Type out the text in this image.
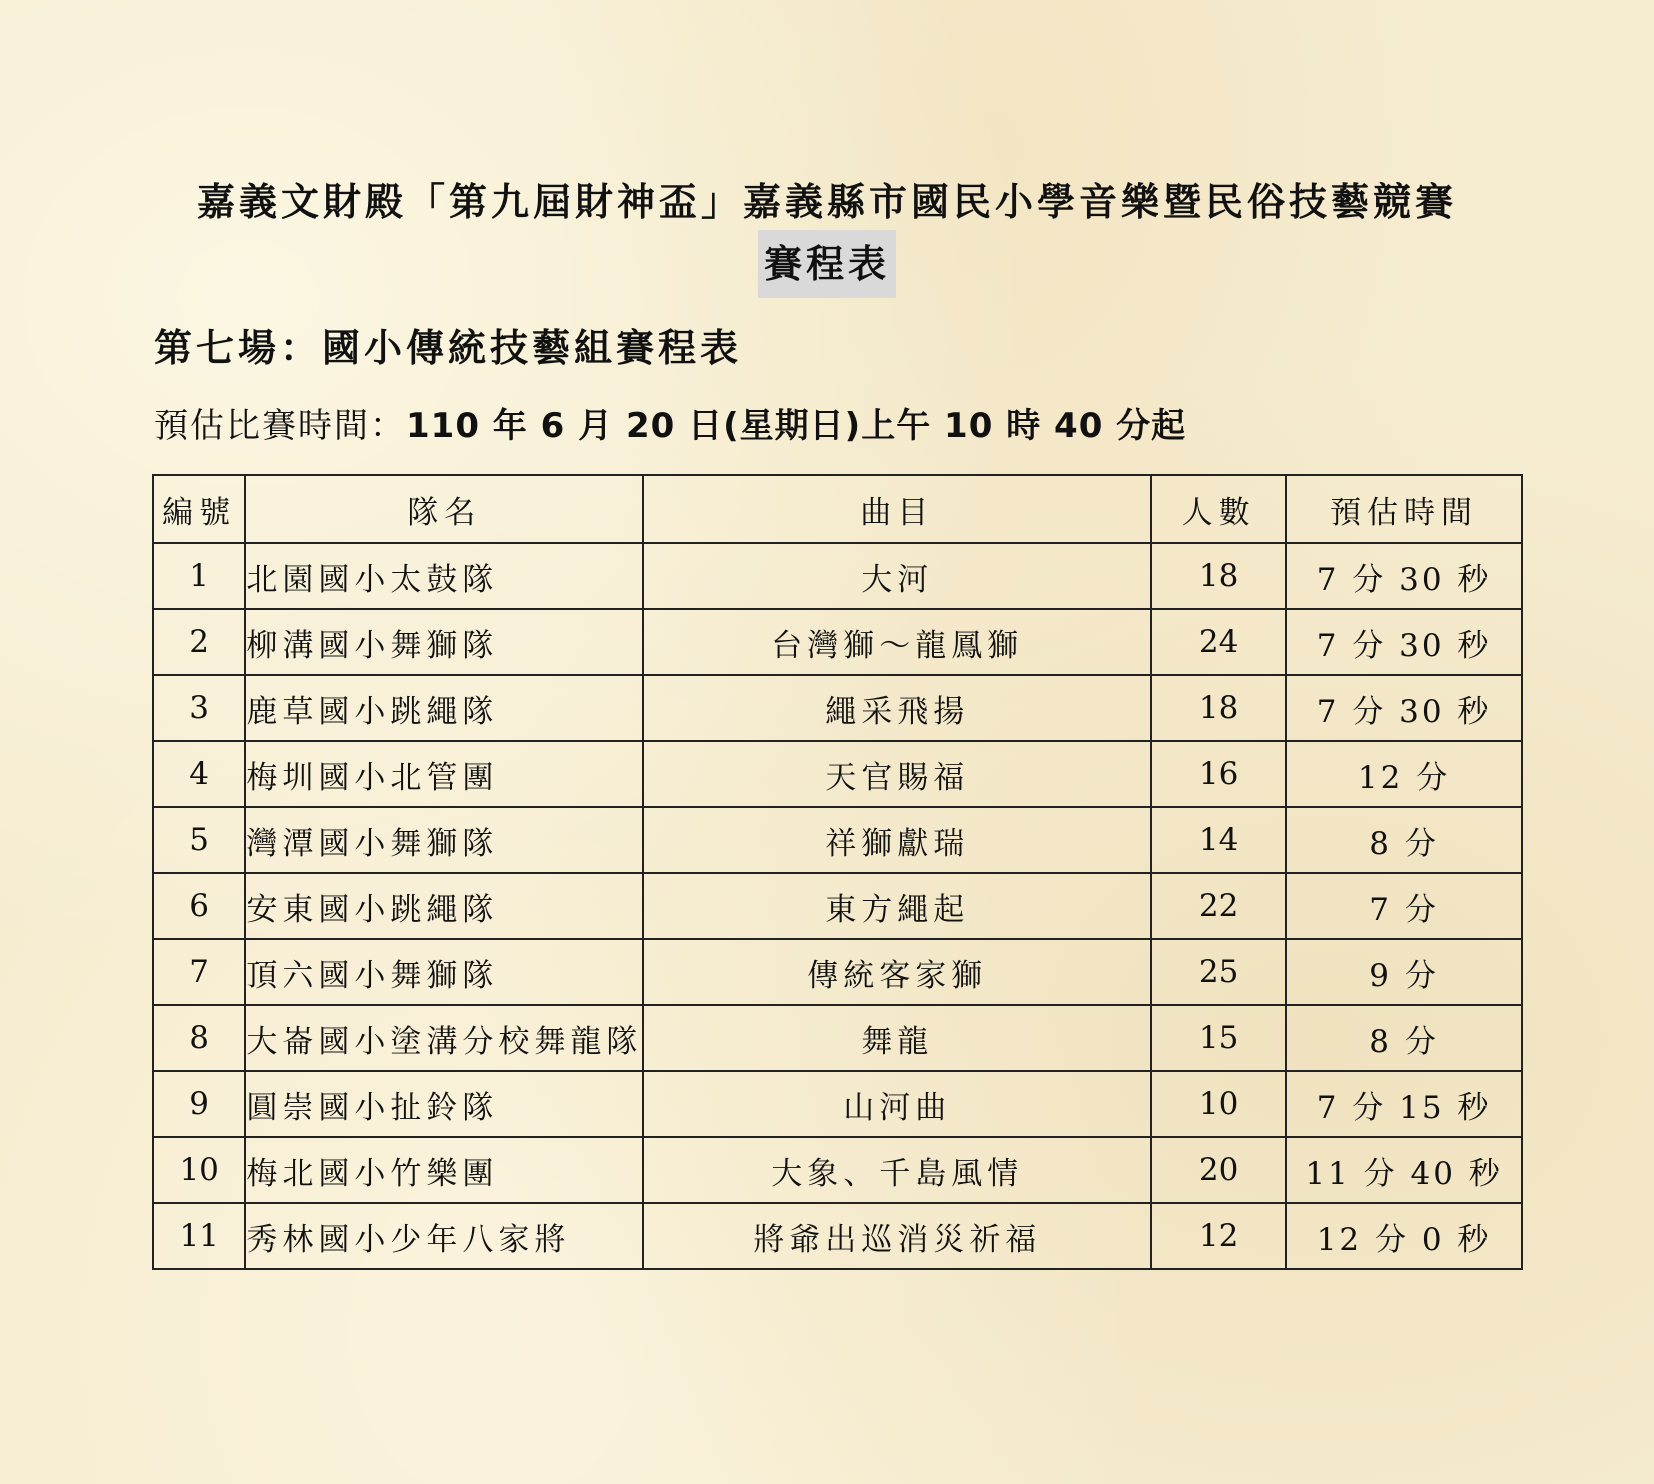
嘉義文財殿「第九屆財神盃」嘉義縣市國民小學音樂暨民俗技藝競賽
賽程表
第七場：國小傳統技藝組賽程表
預估比賽時間：110 年 6 月 20 日(星期日)上午 10 時 40 分起
編號	隊名	曲目	人數	預估時間
1	北園國小太鼓隊	大河	18	7 分 30 秒
2	柳溝國小舞獅隊	台灣獅～龍鳳獅	24	7 分 30 秒
3	鹿草國小跳繩隊	繩采飛揚	18	7 分 30 秒
4	梅圳國小北管團	天官賜福	16	12 分
5	灣潭國小舞獅隊	祥獅獻瑞	14	8 分
6	安東國小跳繩隊	東方繩起	22	7 分
7	頂六國小舞獅隊	傳統客家獅	25	9 分
8	大崙國小塗溝分校舞龍隊	舞龍	15	8 分
9	圓崇國小扯鈴隊	山河曲	10	7 分 15 秒
10	梅北國小竹樂團	大象、千島風情	20	11 分 40 秒
11	秀林國小少年八家將	將爺出巡消災祈福	12	12 分 0 秒
